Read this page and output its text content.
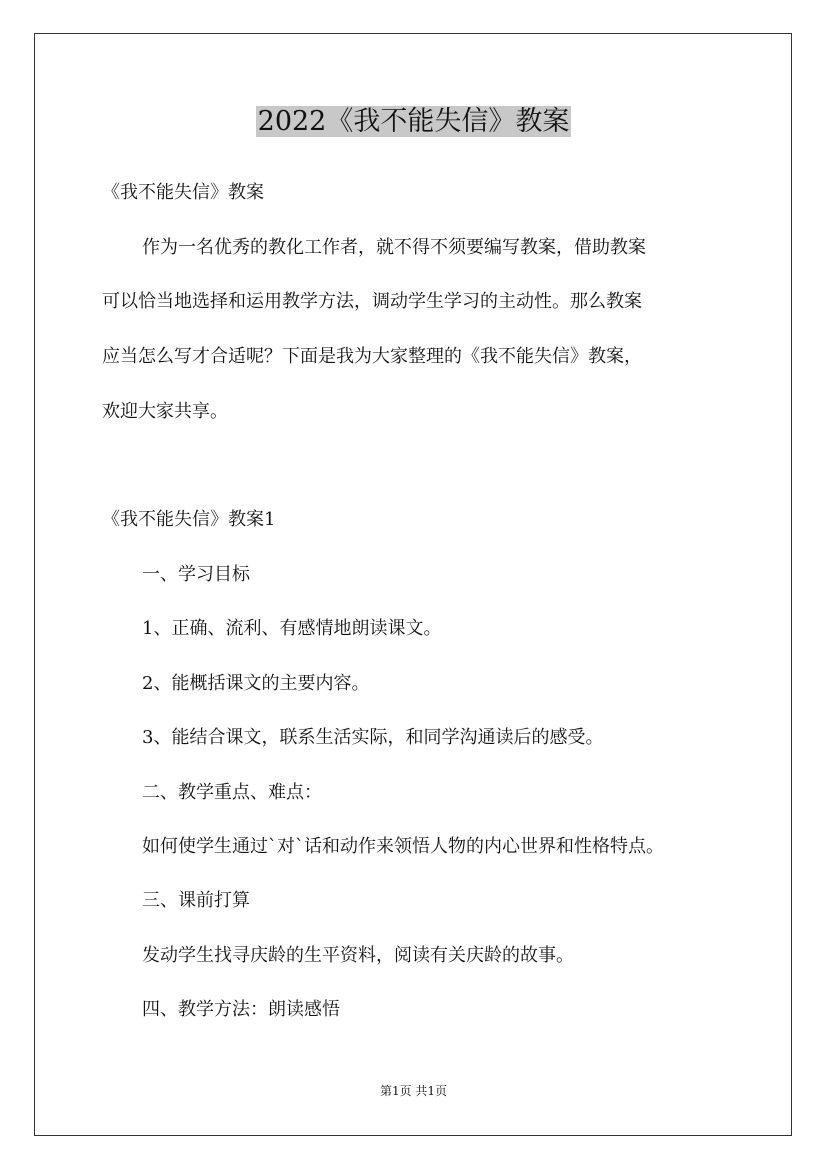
2022《我不能失信》教案
《我不能失信》教案
作为一名优秀的教化工作者，就不得不须要编写教案，借助教案
可以恰当地选择和运用教学方法，调动学生学习的主动性。那么教案
应当怎么写才合适呢？下面是我为大家整理的《我不能失信》教案，
欢迎大家共享。
《我不能失信》教案1
一、学习目标
1、正确、流利、有感情地朗读课文。
2、能概括课文的主要内容。
3、能结合课文，联系生活实际，和同学沟通读后的感受。
二、教学重点、难点：
如何使学生通过`对`话和动作来领悟人物的内心世界和性格特点。
三、课前打算
发动学生找寻庆龄的生平资料，阅读有关庆龄的故事。
四、教学方法：朗读感悟
第1页 共1页
